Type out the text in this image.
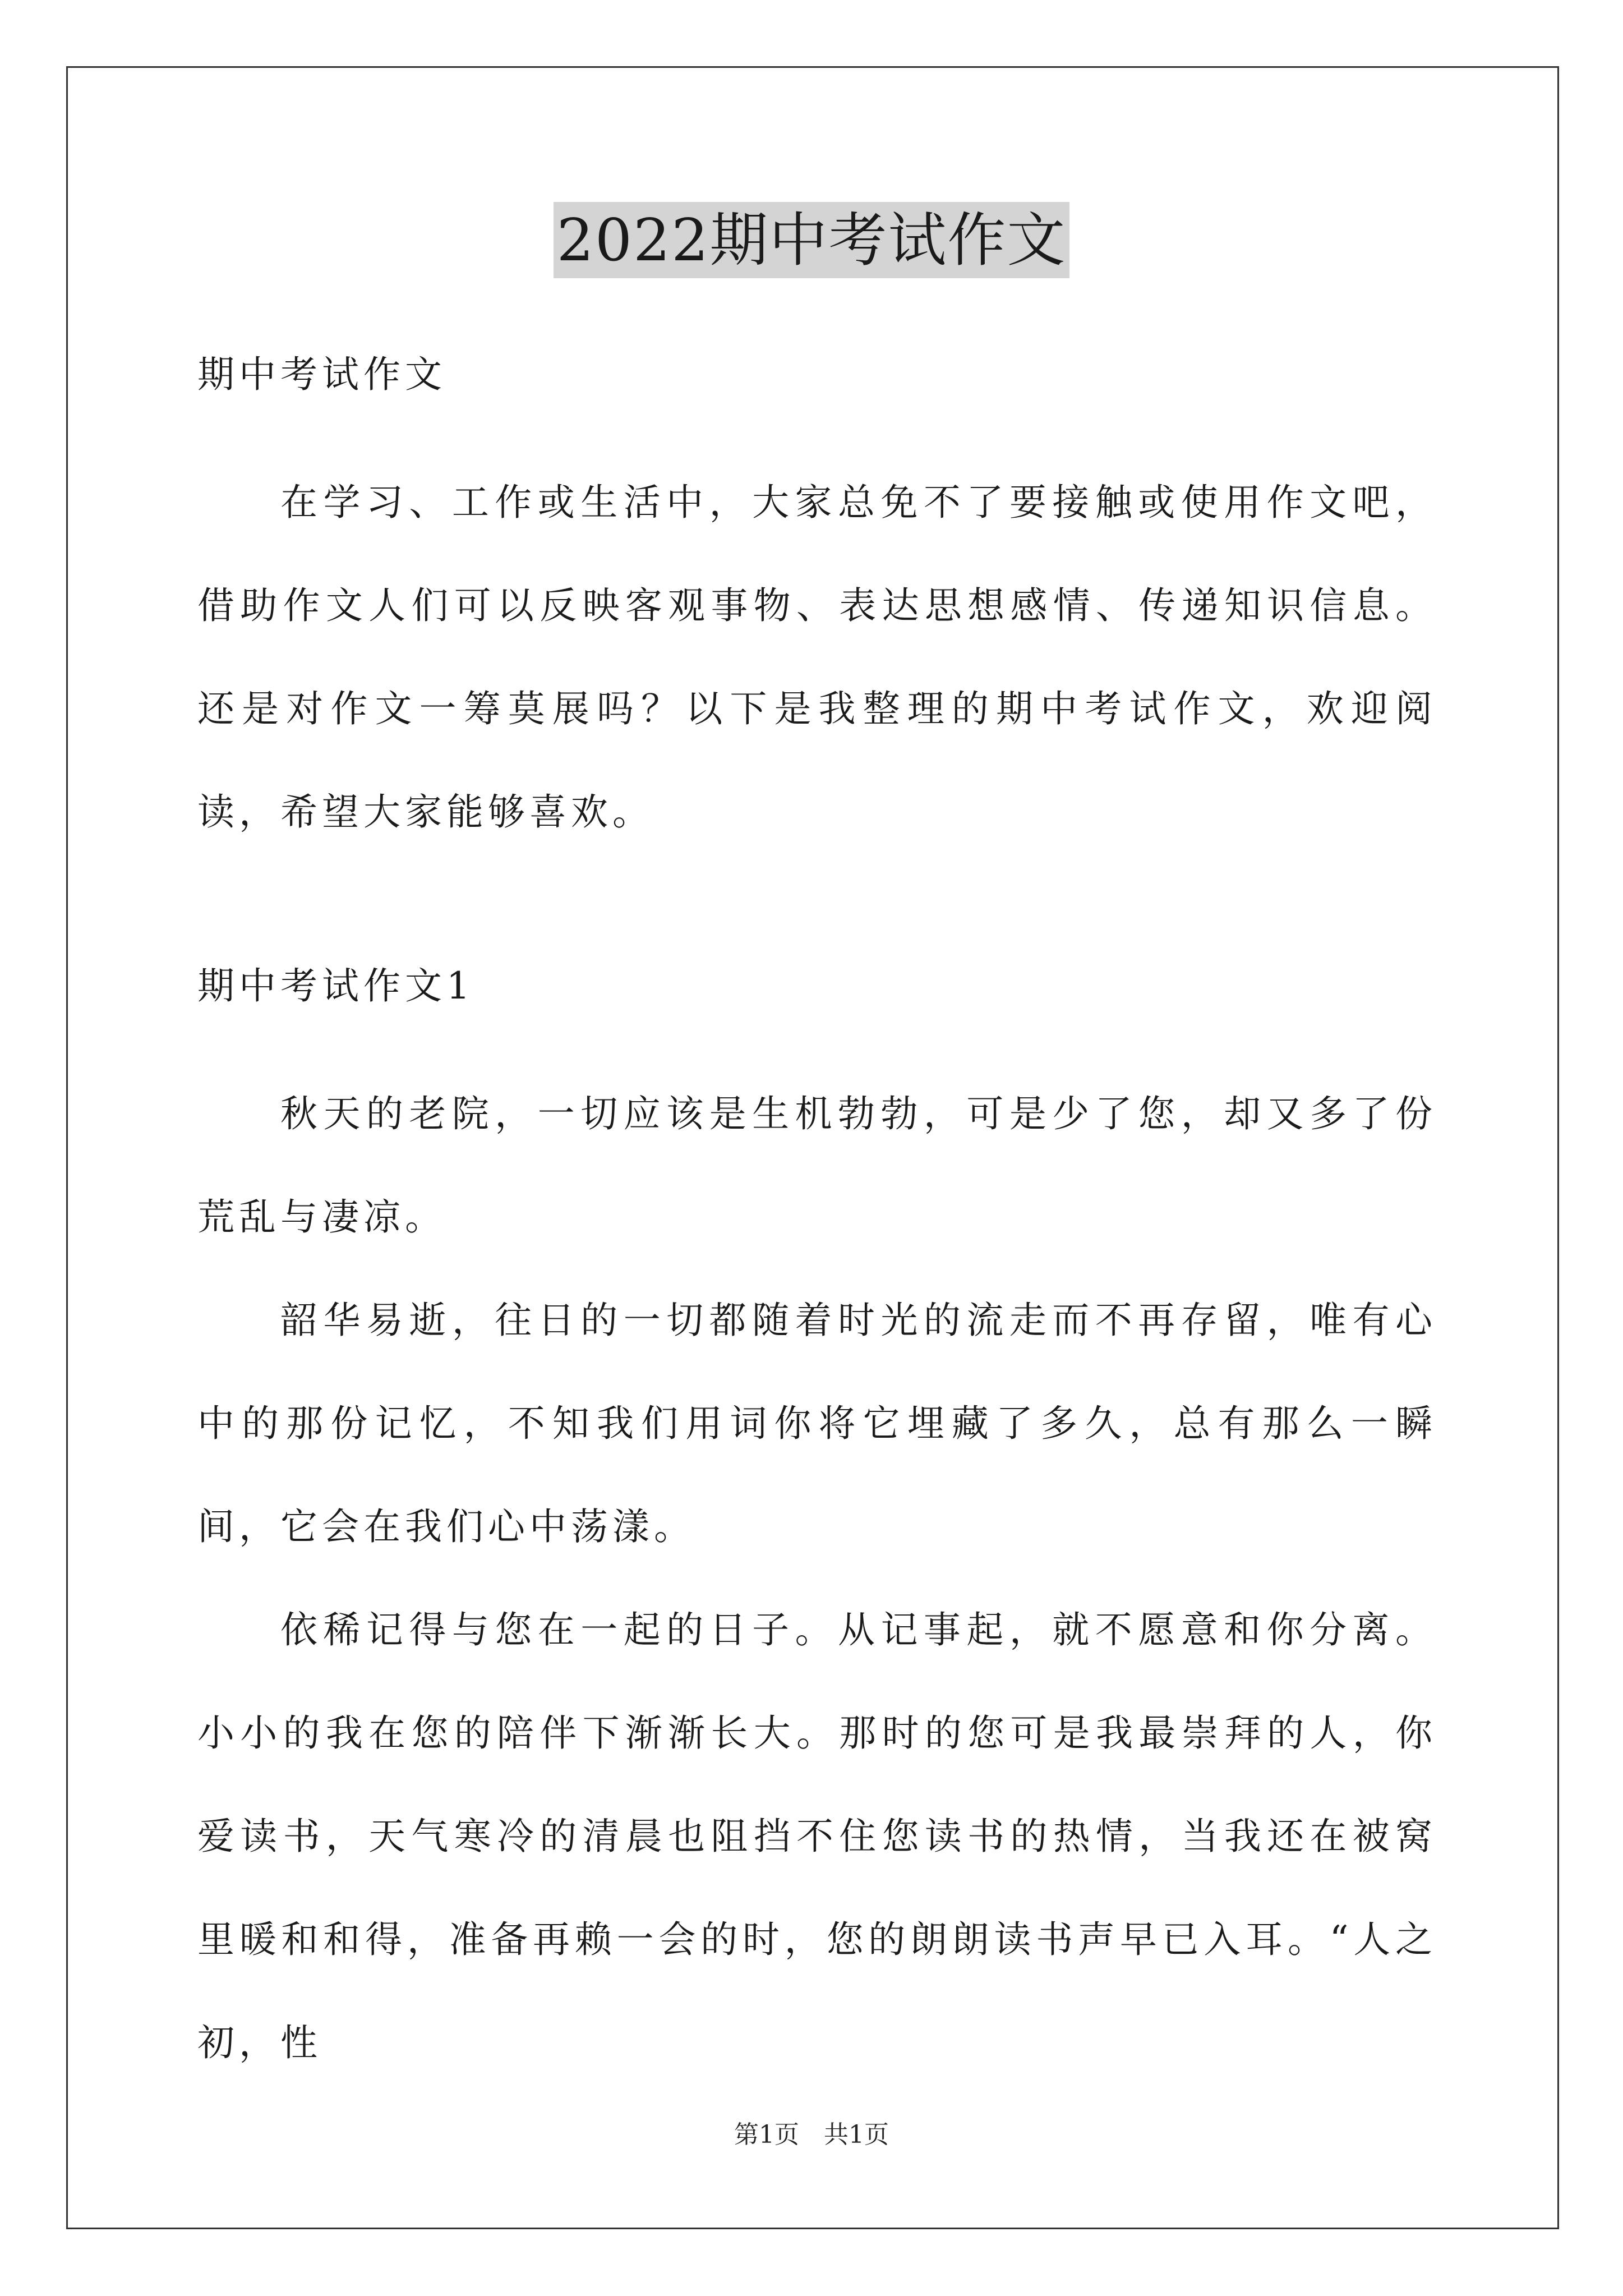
2022期中考试作文

期中考试作文

在学习、工作或生活中，大家总免不了要接触或使用作文吧，借助作文人们可以反映客观事物、表达思想感情、传递知识信息。还是对作文一筹莫展吗？以下是我整理的期中考试作文，欢迎阅读，希望大家能够喜欢。

期中考试作文1

秋天的老院，一切应该是生机勃勃，可是少了您，却又多了份荒乱与凄凉。

韶华易逝，往日的一切都随着时光的流走而不再存留，唯有心中的那份记忆，不知我们用词你将它埋藏了多久，总有那么一瞬间，它会在我们心中荡漾。

依稀记得与您在一起的日子。从记事起，就不愿意和你分离。小小的我在您的陪伴下渐渐长大。那时的您可是我最崇拜的人，你爱读书，天气寒冷的清晨也阻挡不住您读书的热情，当我还在被窝里暖和和得，准备再赖一会的时，您的朗朗读书声早已入耳。“人之初，性

第1页　共1页
